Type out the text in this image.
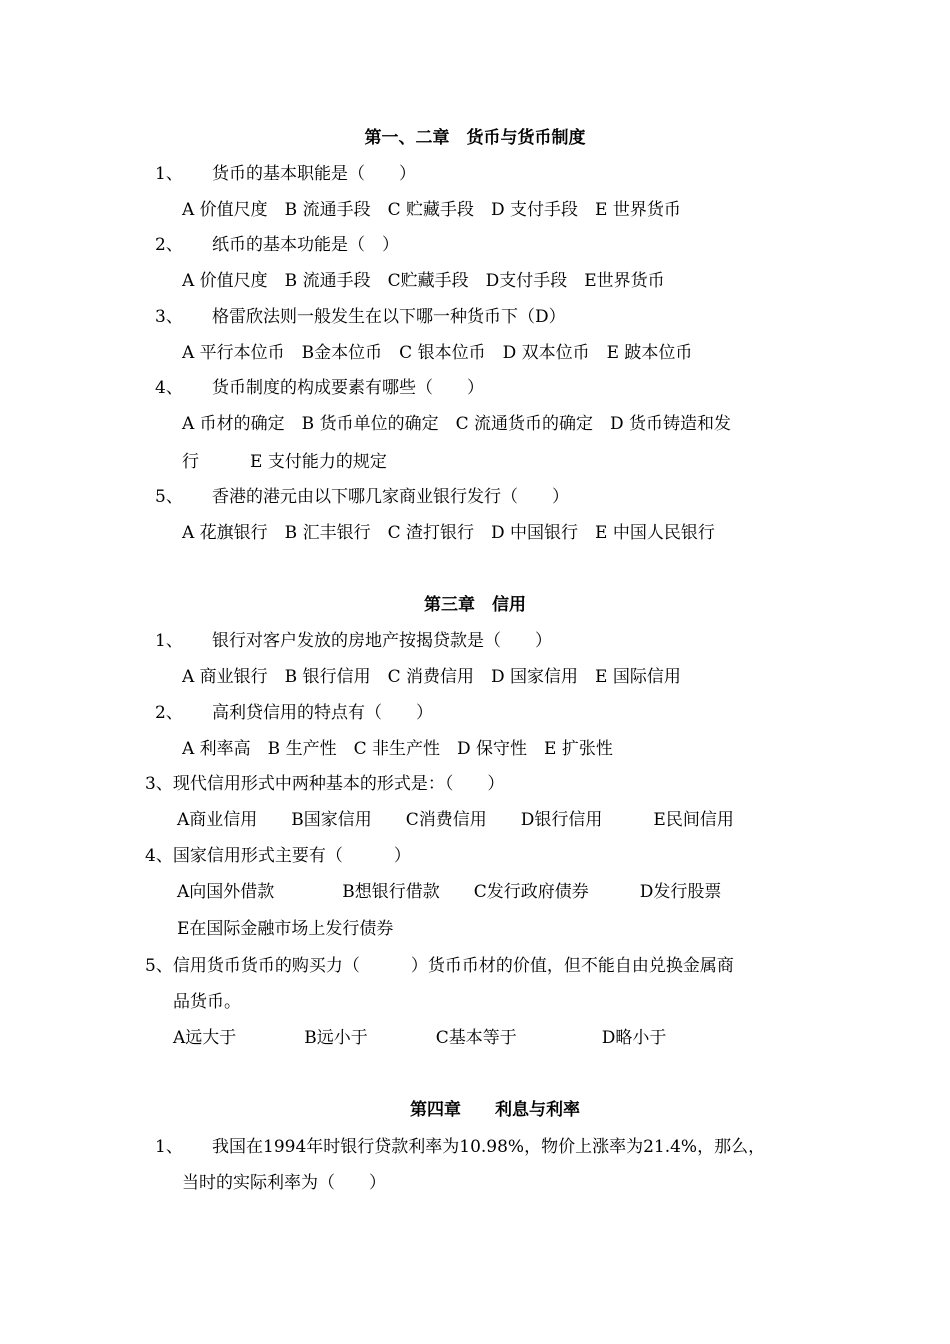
第一、二章　货币与货币制度
1、 货币的基本职能是（　　）
A 价值尺度　B 流通手段　C 贮藏手段　D 支付手段　E 世界货币
2、 纸币的基本功能是（　）
A 价值尺度　B 流通手段　C贮藏手段　D支付手段　E世界货币
3、 格雷欣法则一般发生在以下哪一种货币下（D）
A 平行本位币　B金本位币　C 银本位币　D 双本位币　E 跛本位币
4、 货币制度的构成要素有哪些（　　）
A 币材的确定　B 货币单位的确定　C 流通货币的确定　D 货币铸造和发
行　　　E 支付能力的规定
5、 香港的港元由以下哪几家商业银行发行（　　）
A 花旗银行　B 汇丰银行　C 渣打银行　D 中国银行　E 中国人民银行
第三章　信用
1、 银行对客户发放的房地产按揭贷款是（　　）
A 商业银行　B 银行信用　C 消费信用　D 国家信用　E 国际信用
2、 高利贷信用的特点有（　　）
A 利率高　B 生产性　C 非生产性　D 保守性　E 扩张性
3、现代信用形式中两种基本的形式是：（　　）
A商业信用　　B国家信用　　C消费信用　　D银行信用　　　E民间信用
4、国家信用形式主要有（　　　）
A向国外借款　　　　B想银行借款　　C发行政府债券　　　D发行股票
E在国际金融市场上发行债券
5、信用货币货币的购买力（　　　）货币币材的价值，但不能自由兑换金属商
品货币。
A远大于　　　　B远小于　　　　C基本等于　　　　　D略小于
第四章　　利息与利率
1、 我国在1994年时银行贷款利率为10.98%，物价上涨率为21.4%，那么，
当时的实际利率为（　　）
